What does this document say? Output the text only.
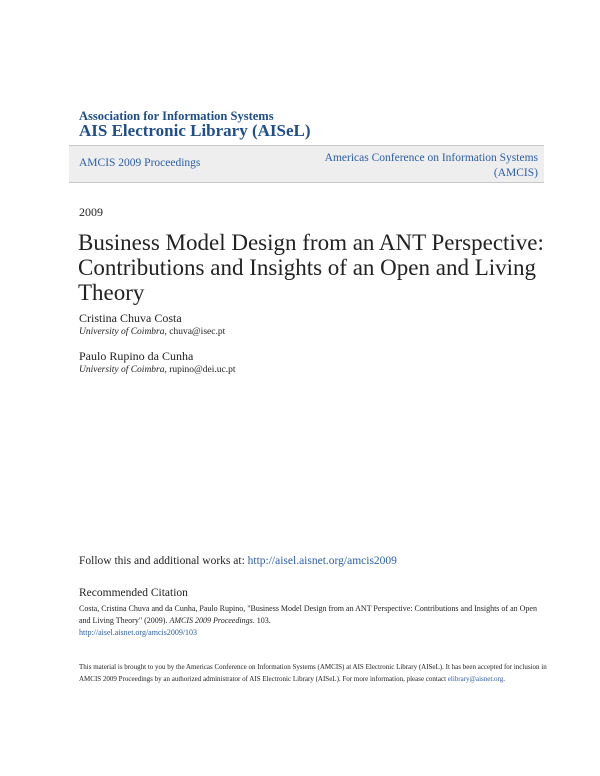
Association for Information Systems
AIS Electronic Library (AISeL)
AMCIS 2009 Proceedings	Americas Conference on Information Systems
(AMCIS)
2009
Business Model Design from an ANT Perspective: Contributions and Insights of an Open and Living Theory
Cristina Chuva Costa
University of Coimbra, chuva@isec.pt
Paulo Rupino da Cunha
University of Coimbra, rupino@dei.uc.pt
Follow this and additional works at: http://aisel.aisnet.org/amcis2009
Recommended Citation
Costa, Cristina Chuva and da Cunha, Paulo Rupino, "Business Model Design from an ANT Perspective: Contributions and Insights of an Open and Living Theory" (2009). AMCIS 2009 Proceedings. 103.
http://aisel.aisnet.org/amcis2009/103
This material is brought to you by the Americas Conference on Information Systems (AMCIS) at AIS Electronic Library (AISeL). It has been accepted for inclusion in AMCIS 2009 Proceedings by an authorized administrator of AIS Electronic Library (AISeL). For more information, please contact elibrary@aisnet.org.
